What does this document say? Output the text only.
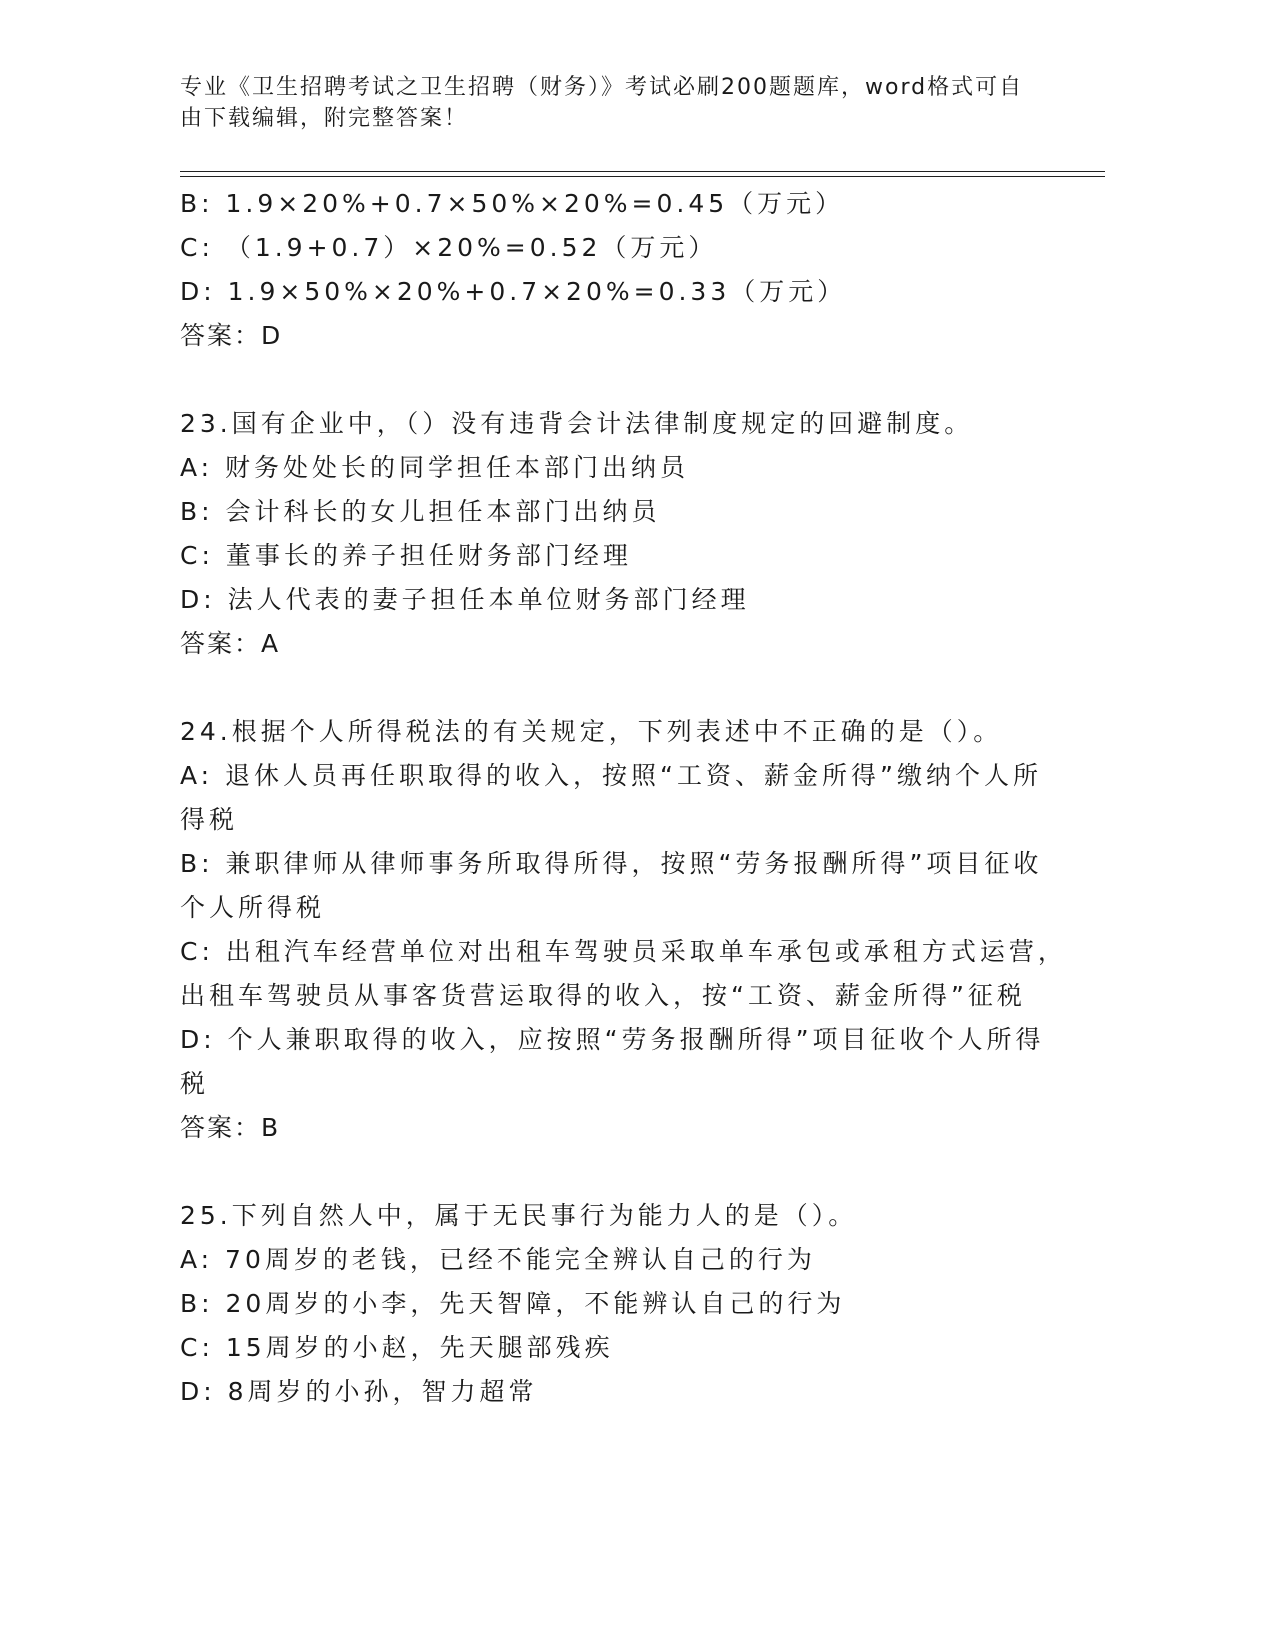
专业《卫生招聘考试之卫生招聘（财务）》考试必刷200题题库，word格式可自
由下载编辑，附完整答案！
B: 1.9×20%+0.7×50%×20%=0.45（万元）
C: （1.9+0.7）×20%=0.52（万元）
D: 1.9×50%×20%+0.7×20%=0.33（万元）
答案：D
23.国有企业中，（）没有违背会计法律制度规定的回避制度。
A: 财务处处长的同学担任本部门出纳员
B: 会计科长的女儿担任本部门出纳员
C: 董事长的养子担任财务部门经理
D: 法人代表的妻子担任本单位财务部门经理
答案：A
24.根据个人所得税法的有关规定，下列表述中不正确的是（）。
A: 退休人员再任职取得的收入，按照“工资、薪金所得”缴纳个人所
得税
B: 兼职律师从律师事务所取得所得，按照“劳务报酬所得”项目征收
个人所得税
C: 出租汽车经营单位对出租车驾驶员采取单车承包或承租方式运营，
出租车驾驶员从事客货营运取得的收入，按“工资、薪金所得”征税
D: 个人兼职取得的收入，应按照“劳务报酬所得”项目征收个人所得
税
答案：B
25.下列自然人中，属于无民事行为能力人的是（）。
A: 70周岁的老钱，已经不能完全辨认自己的行为
B: 20周岁的小李，先天智障，不能辨认自己的行为
C: 15周岁的小赵，先天腿部残疾
D: 8周岁的小孙，智力超常
